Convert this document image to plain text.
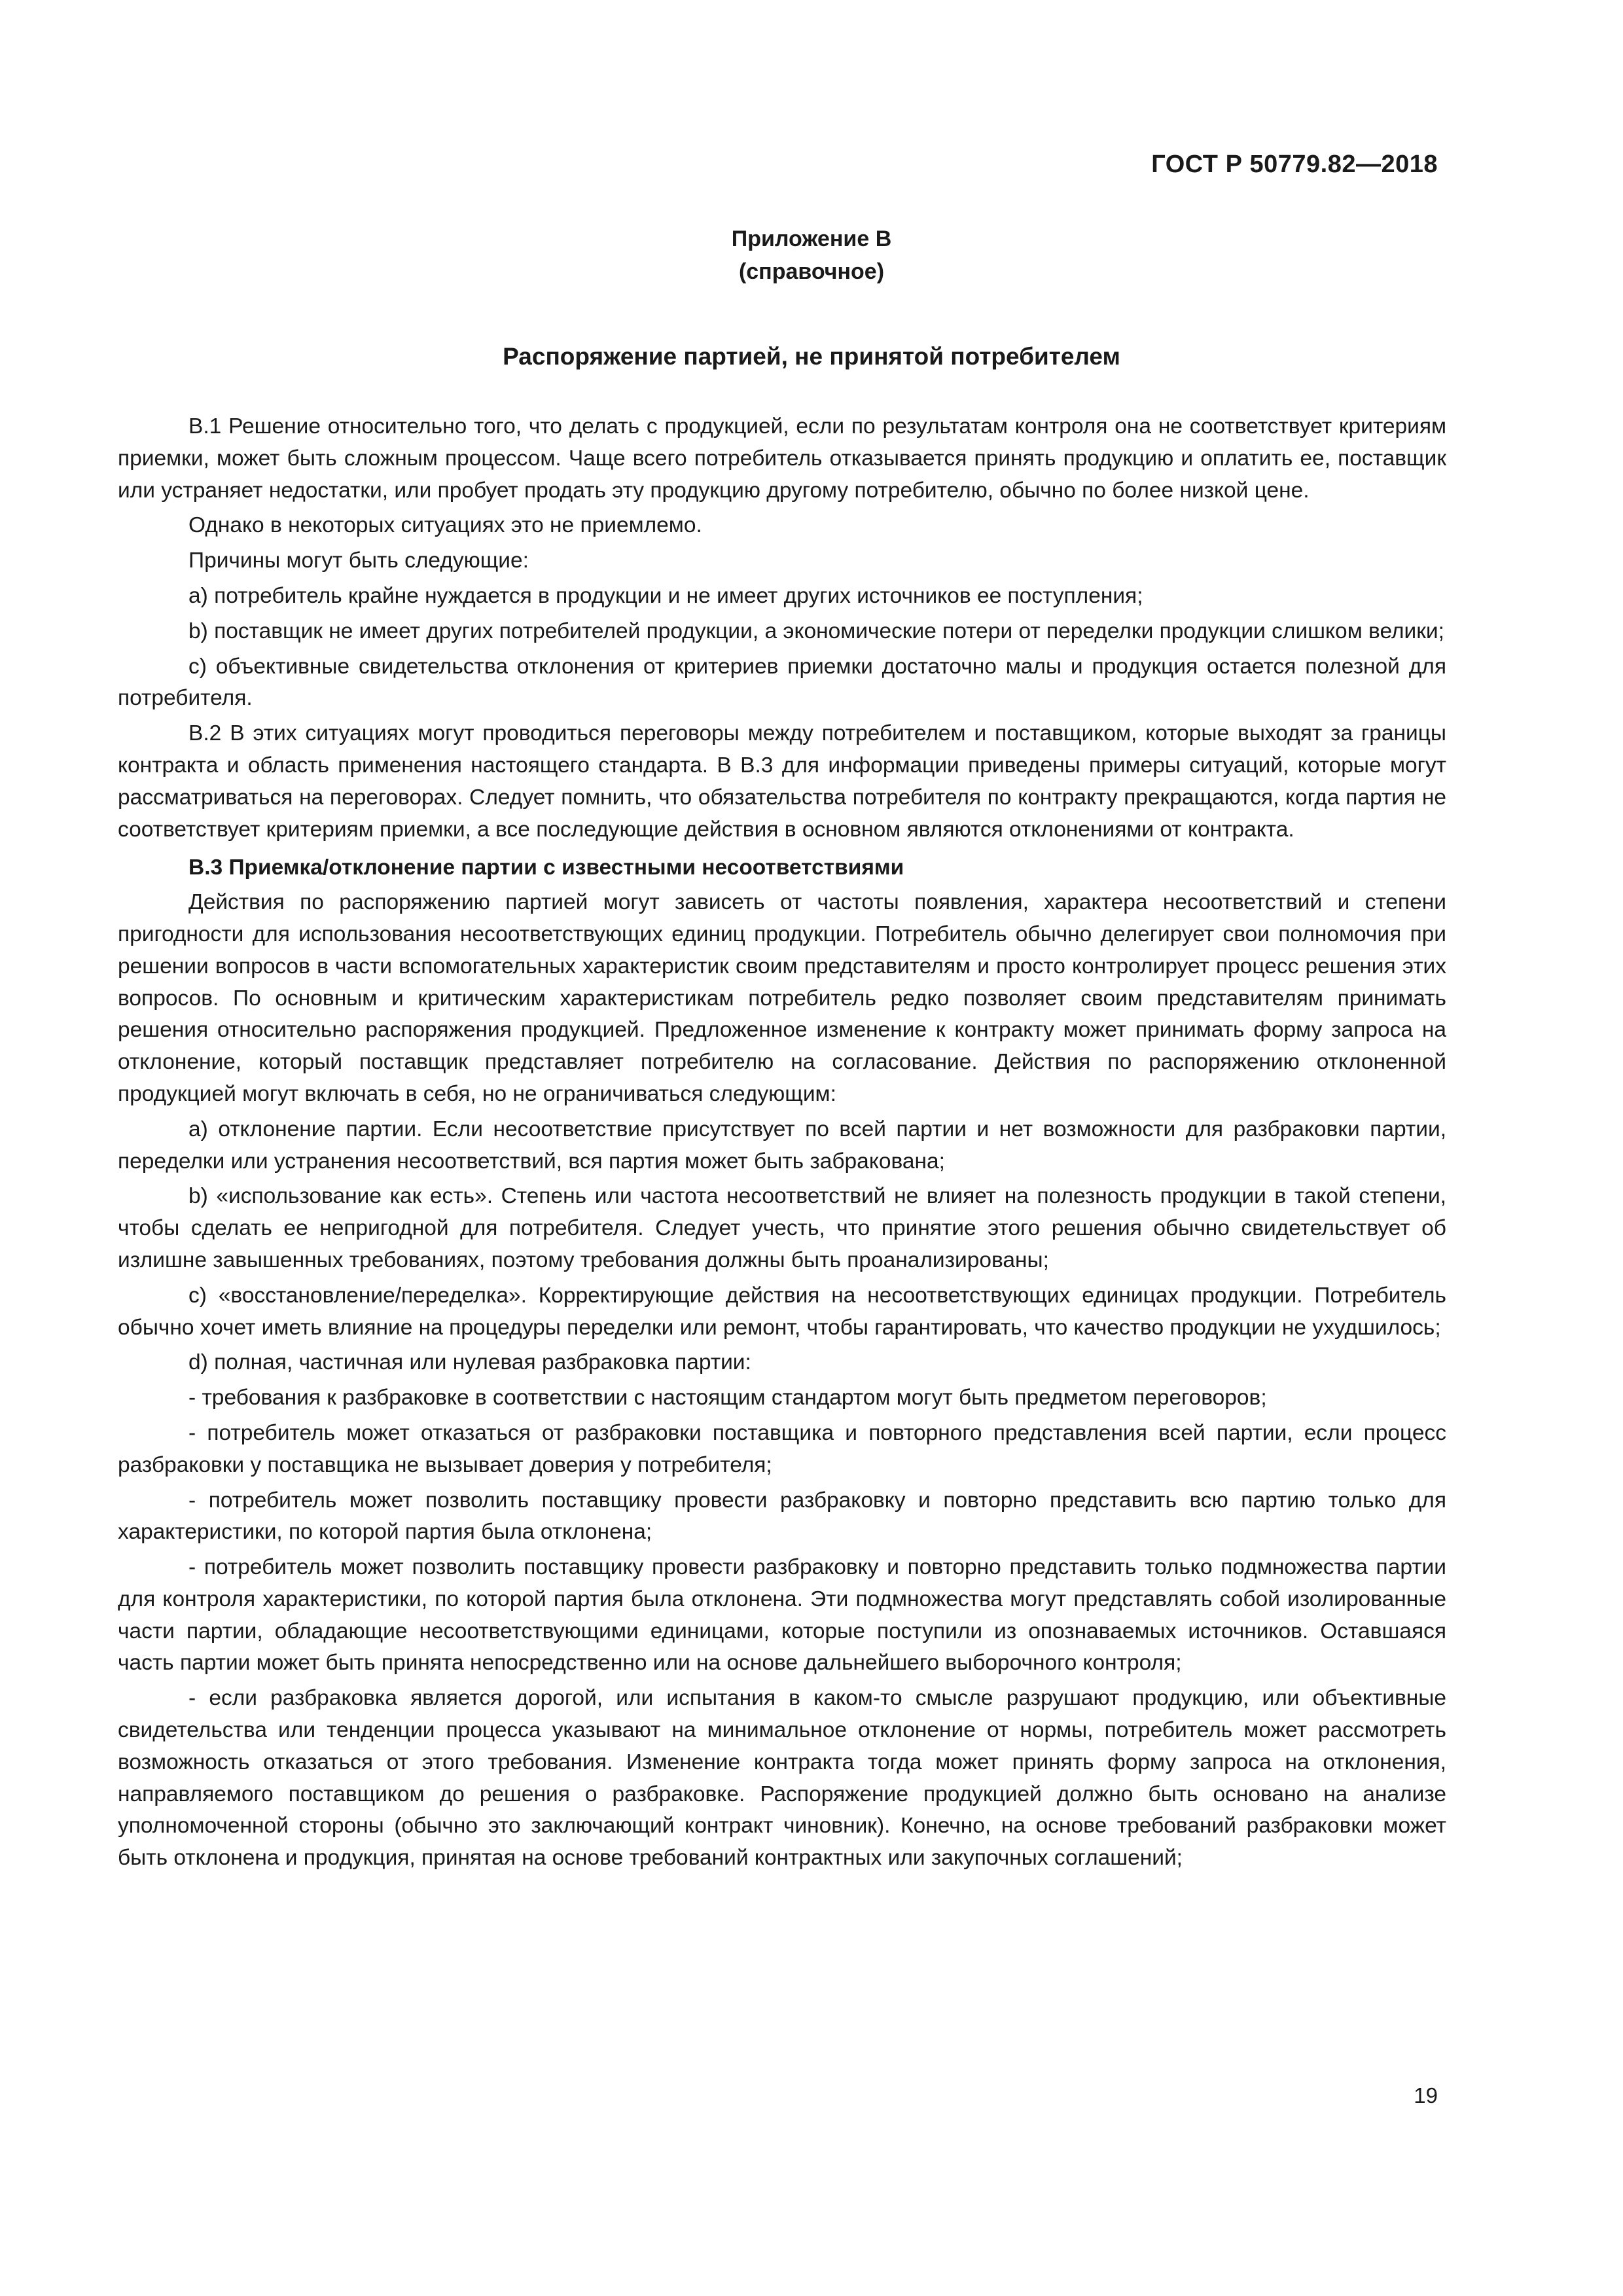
ГОСТ Р 50779.82—2018
Приложение В
(справочное)
Распоряжение партией, не принятой потребителем

В.1 Решение относительно того, что делать с продукцией, если по результатам контроля она не соответствует критериям приемки, может быть сложным процессом. Чаще всего потребитель отказывается принять продукцию и оплатить ее, поставщик или устраняет недостатки, или пробует продать эту продукцию другому потребителю, обычно по более низкой цене.

Однако в некоторых ситуациях это не приемлемо.

Причины могут быть следующие:

a) потребитель крайне нуждается в продукции и не имеет других источников ее поступления;

b) поставщик не имеет других потребителей продукции, а экономические потери от переделки продукции слишком велики;

c) объективные свидетельства отклонения от критериев приемки достаточно малы и продукция остается полезной для потребителя.

В.2 В этих ситуациях могут проводиться переговоры между потребителем и поставщиком, которые выходят за границы контракта и область применения настоящего стандарта. В В.3 для информации приведены примеры ситуаций, которые могут рассматриваться на переговорах. Следует помнить, что обязательства потребителя по контракту прекращаются, когда партия не соответствует критериям приемки, а все последующие действия в основном являются отклонениями от контракта.

В.3 Приемка/отклонение партии с известными несоответствиями

Действия по распоряжению партией могут зависеть от частоты появления, характера несоответствий и степени пригодности для использования несоответствующих единиц продукции. Потребитель обычно делегирует свои полномочия при решении вопросов в части вспомогательных характеристик своим представителям и просто контролирует процесс решения этих вопросов. По основным и критическим характеристикам потребитель редко позволяет своим представителям принимать решения относительно распоряжения продукцией. Предложенное изменение к контракту может принимать форму запроса на отклонение, который поставщик представляет потребителю на согласование. Действия по распоряжению отклоненной продукцией могут включать в себя, но не ограничиваться следующим:

a) отклонение партии. Если несоответствие присутствует по всей партии и нет возможности для разбраковки партии, переделки или устранения несоответствий, вся партия может быть забракована;

b) «использование как есть». Степень или частота несоответствий не влияет на полезность продукции в такой степени, чтобы сделать ее непригодной для потребителя. Следует учесть, что принятие этого решения обычно свидетельствует об излишне завышенных требованиях, поэтому требования должны быть проанализированы;

c) «восстановление/переделка». Корректирующие действия на несоответствующих единицах продукции. Потребитель обычно хочет иметь влияние на процедуры переделки или ремонт, чтобы гарантировать, что качество продукции не ухудшилось;

d) полная, частичная или нулевая разбраковка партии:

- требования к разбраковке в соответствии с настоящим стандартом могут быть предметом переговоров;

- потребитель может отказаться от разбраковки поставщика и повторного представления всей партии, если процесс разбраковки у поставщика не вызывает доверия у потребителя;

- потребитель может позволить поставщику провести разбраковку и повторно представить всю партию только для характеристики, по которой партия была отклонена;

- потребитель может позволить поставщику провести разбраковку и повторно представить только подмножества партии для контроля характеристики, по которой партия была отклонена. Эти подмножества могут представлять собой изолированные части партии, обладающие несоответствующими единицами, которые поступили из опознаваемых источников. Оставшаяся часть партии может быть принята непосредственно или на основе дальнейшего выборочного контроля;

- если разбраковка является дорогой, или испытания в каком-то смысле разрушают продукцию, или объективные свидетельства или тенденции процесса указывают на минимальное отклонение от нормы, потребитель может рассмотреть возможность отказаться от этого требования. Изменение контракта тогда может принять форму запроса на отклонения, направляемого поставщиком до решения о разбраковке. Распоряжение продукцией должно быть основано на анализе уполномоченной стороны (обычно это заключающий контракт чиновник). Конечно, на основе требований разбраковки может быть отклонена и продукция, принятая на основе требований контрактных или закупочных соглашений;

19
